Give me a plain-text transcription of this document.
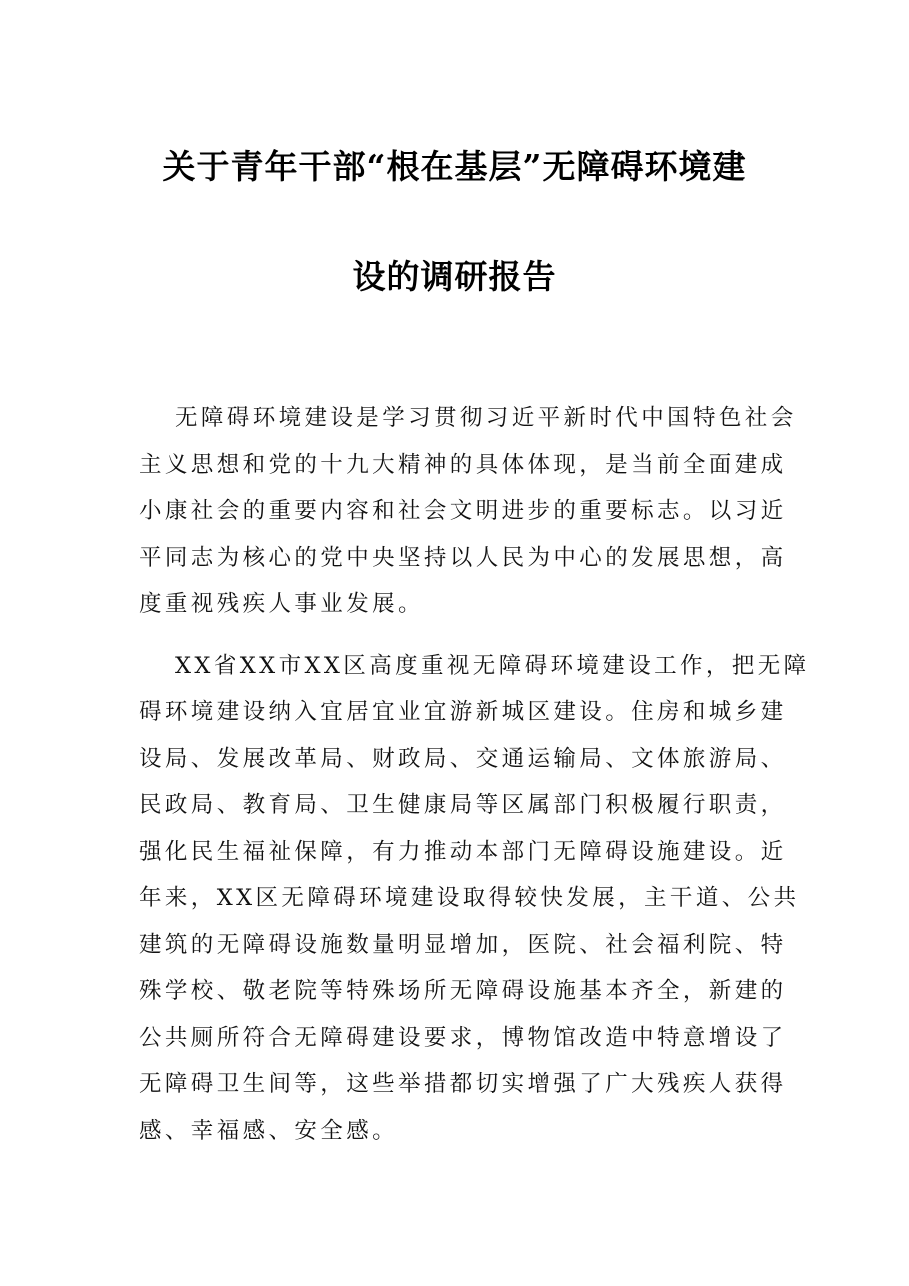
关于青年干部“根在基层”无障碍环境建
设的调研报告
无障碍环境建设是学习贯彻习近平新时代中国特色社会
主义思想和党的十九大精神的具体体现，是当前全面建成
小康社会的重要内容和社会文明进步的重要标志。以习近
平同志为核心的党中央坚持以人民为中心的发展思想，高
度重视残疾人事业发展。
XX省XX市XX区高度重视无障碍环境建设工作，把无障
碍环境建设纳入宜居宜业宜游新城区建设。住房和城乡建
设局、发展改革局、财政局、交通运输局、文体旅游局、
民政局、教育局、卫生健康局等区属部门积极履行职责，
强化民生福祉保障，有力推动本部门无障碍设施建设。近
年来，XX区无障碍环境建设取得较快发展，主干道、公共
建筑的无障碍设施数量明显增加，医院、社会福利院、特
殊学校、敬老院等特殊场所无障碍设施基本齐全，新建的
公共厕所符合无障碍建设要求，博物馆改造中特意增设了
无障碍卫生间等，这些举措都切实增强了广大残疾人获得
感、幸福感、安全感。
